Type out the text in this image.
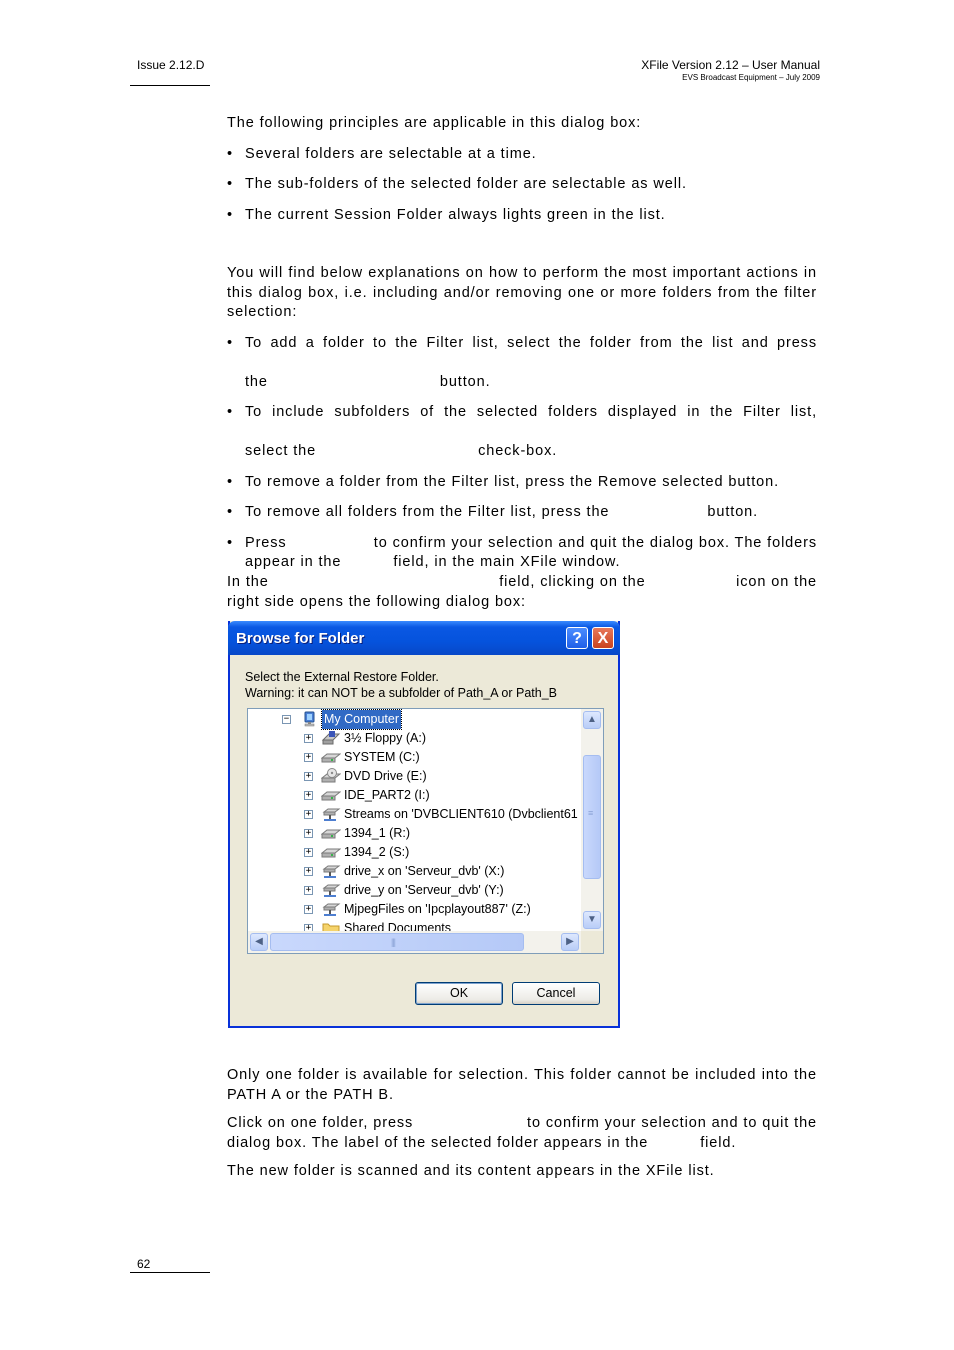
Issue 2.12.D	XFile Version 2.12 – User Manual
EVS Broadcast Equipment – July 2009

The following principles are applicable in this dialog box:

• Several folders are selectable at a time.
• The sub-folders of the selected folder are selectable as well.
• The current Session Folder always lights green in the list.

You will find below explanations on how to perform the most important actions in this dialog box, i.e. including and/or removing one or more folders from the filter selection:

• To add a folder to the Filter list, select the folder from the list and press
the	button.
• To include subfolders of the selected folders displayed in the Filter list,
select the	check-box.
• To remove a folder from the Filter list, press the Remove selected button.
• To remove all folders from the Filter list, press the	button.
• Press	to confirm your selection and quit the dialog box. The folders
appear in the	field, in the main XFile window.
In the	field, clicking on the	icon on the
right side opens the following dialog box:
Browse for Folder	? X
Select the External Restore Folder.
Warning: it can NOT be a subfolder of Path_A or Path_B
−	My Computer
+	3½ Floppy (A:)
+	SYSTEM (C:)
+	DVD Drive (E:)
+	IDE_PART2 (I:)
+	Streams on 'DVBCLIENT610 (Dvbclient61
+	1394_1 (R:)
+	1394_2 (S:)
+	drive_x on 'Serveur_dvb' (X:)
+	drive_y on 'Serveur_dvb' (Y:)
+	MjpegFiles on 'Ipcplayout887' (Z:)
+	Shared Documents
▲
≡
▼
◀	|||	▶
OK	Cancel

Only one folder is available for selection. This folder cannot be included into the PATH A or the PATH B.

Click on one folder, press	to confirm your selection and to quit the
dialog box. The label of the selected folder appears in the	field.

The new folder is scanned and its content appears in the XFile list.

62
